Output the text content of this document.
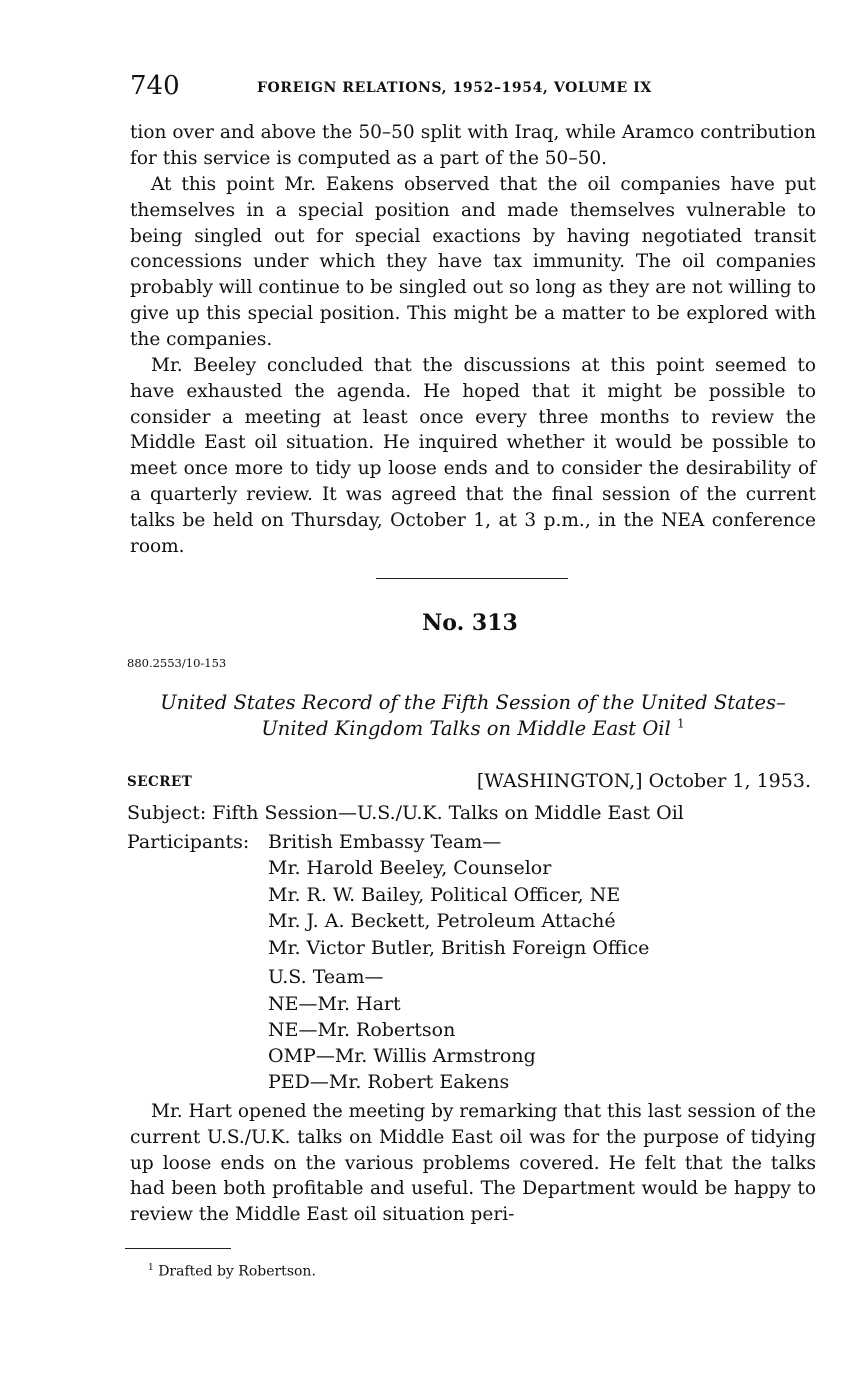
740	FOREIGN RELATIONS, 1952–1954, VOLUME IX

tion over and above the 50–50 split with Iraq, while Aramco contribution for this service is computed as a part of the 50–50.

At this point Mr. Eakens observed that the oil companies have put themselves in a special position and made themselves vulnerable to being singled out for special exactions by having negotiated transit concessions under which they have tax immunity. The oil companies probably will continue to be singled out so long as they are not willing to give up this special position. This might be a matter to be explored with the companies.

Mr. Beeley concluded that the discussions at this point seemed to have exhausted the agenda. He hoped that it might be possible to consider a meeting at least once every three months to review the Middle East oil situation. He inquired whether it would be possible to meet once more to tidy up loose ends and to consider the desirability of a quarterly review. It was agreed that the final session of the current talks be held on Thursday, October 1, at 3 p.m., in the NEA conference room.

No. 313
880.2553/10-153
United States Record of the Fifth Session of the United States–United Kingdom Talks on Middle East Oil $^1$
SECRET	[WASHINGTON,] October 1, 1953.
Subject: Fifth Session—U.S./U.K. Talks on Middle East Oil
Participants: British Embassy Team—
Mr. Harold Beeley, Counselor
Mr. R. W. Bailey, Political Officer, NE
Mr. J. A. Beckett, Petroleum Attaché
Mr. Victor Butler, British Foreign Office
U.S. Team—
NE—Mr. Hart
NE—Mr. Robertson
OMP—Mr. Willis Armstrong
PED—Mr. Robert Eakens

Mr. Hart opened the meeting by remarking that this last session of the current U.S./U.K. talks on Middle East oil was for the purpose of tidying up loose ends on the various problems covered. He felt that the talks had been both profitable and useful. The Department would be happy to review the Middle East oil situation peri-

$^1$ Drafted by Robertson.
